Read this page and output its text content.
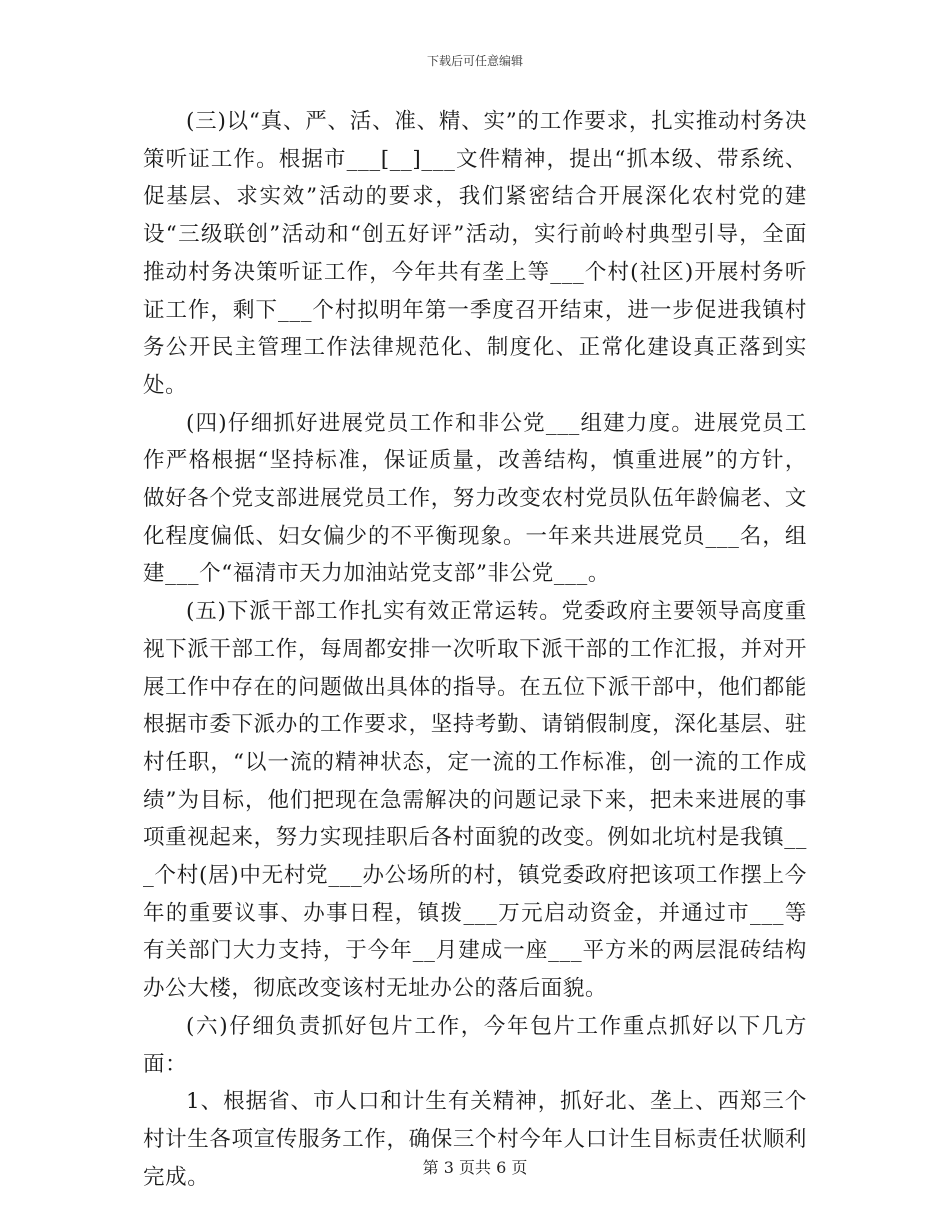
下载后可任意编辑

(三)以“真、严、活、准、精、实”的工作要求，扎实推动村务决策听证工作。根据市___[__]___文件精神，提出“抓本级、带系统、促基层、求实效”活动的要求，我们紧密结合开展深化农村党的建设“三级联创”活动和“创五好评”活动，实行前岭村典型引导，全面推动村务决策听证工作，今年共有垄上等___个村(社区)开展村务听证工作，剩下___个村拟明年第一季度召开结束，进一步促进我镇村务公开民主管理工作法律规范化、制度化、正常化建设真正落到实处。

(四)仔细抓好进展党员工作和非公党___组建力度。进展党员工作严格根据“坚持标准，保证质量，改善结构，慎重进展”的方针，做好各个党支部进展党员工作，努力改变农村党员队伍年龄偏老、文化程度偏低、妇女偏少的不平衡现象。一年来共进展党员___名，组建___个“福清市天力加油站党支部”非公党___。

(五)下派干部工作扎实有效正常运转。党委政府主要领导高度重视下派干部工作，每周都安排一次听取下派干部的工作汇报，并对开展工作中存在的问题做出具体的指导。在五位下派干部中，他们都能根据市委下派办的工作要求，坚持考勤、请销假制度，深化基层、驻村任职，“以一流的精神状态，定一流的工作标准，创一流的工作成绩”为目标，他们把现在急需解决的问题记录下来，把未来进展的事项重视起来，努力实现挂职后各村面貌的改变。例如北坑村是我镇___个村(居)中无村党___办公场所的村，镇党委政府把该项工作摆上今年的重要议事、办事日程，镇拨___万元启动资金，并通过市___等有关部门大力支持，于今年__月建成一座___平方米的两层混砖结构办公大楼，彻底改变该村无址办公的落后面貌。

(六)仔细负责抓好包片工作，今年包片工作重点抓好以下几方面：

1、根据省、市人口和计生有关精神，抓好北、垄上、西郑三个村计生各项宣传服务工作，确保三个村今年人口计生目标责任状顺利完成。	第 3 页共 6 页
